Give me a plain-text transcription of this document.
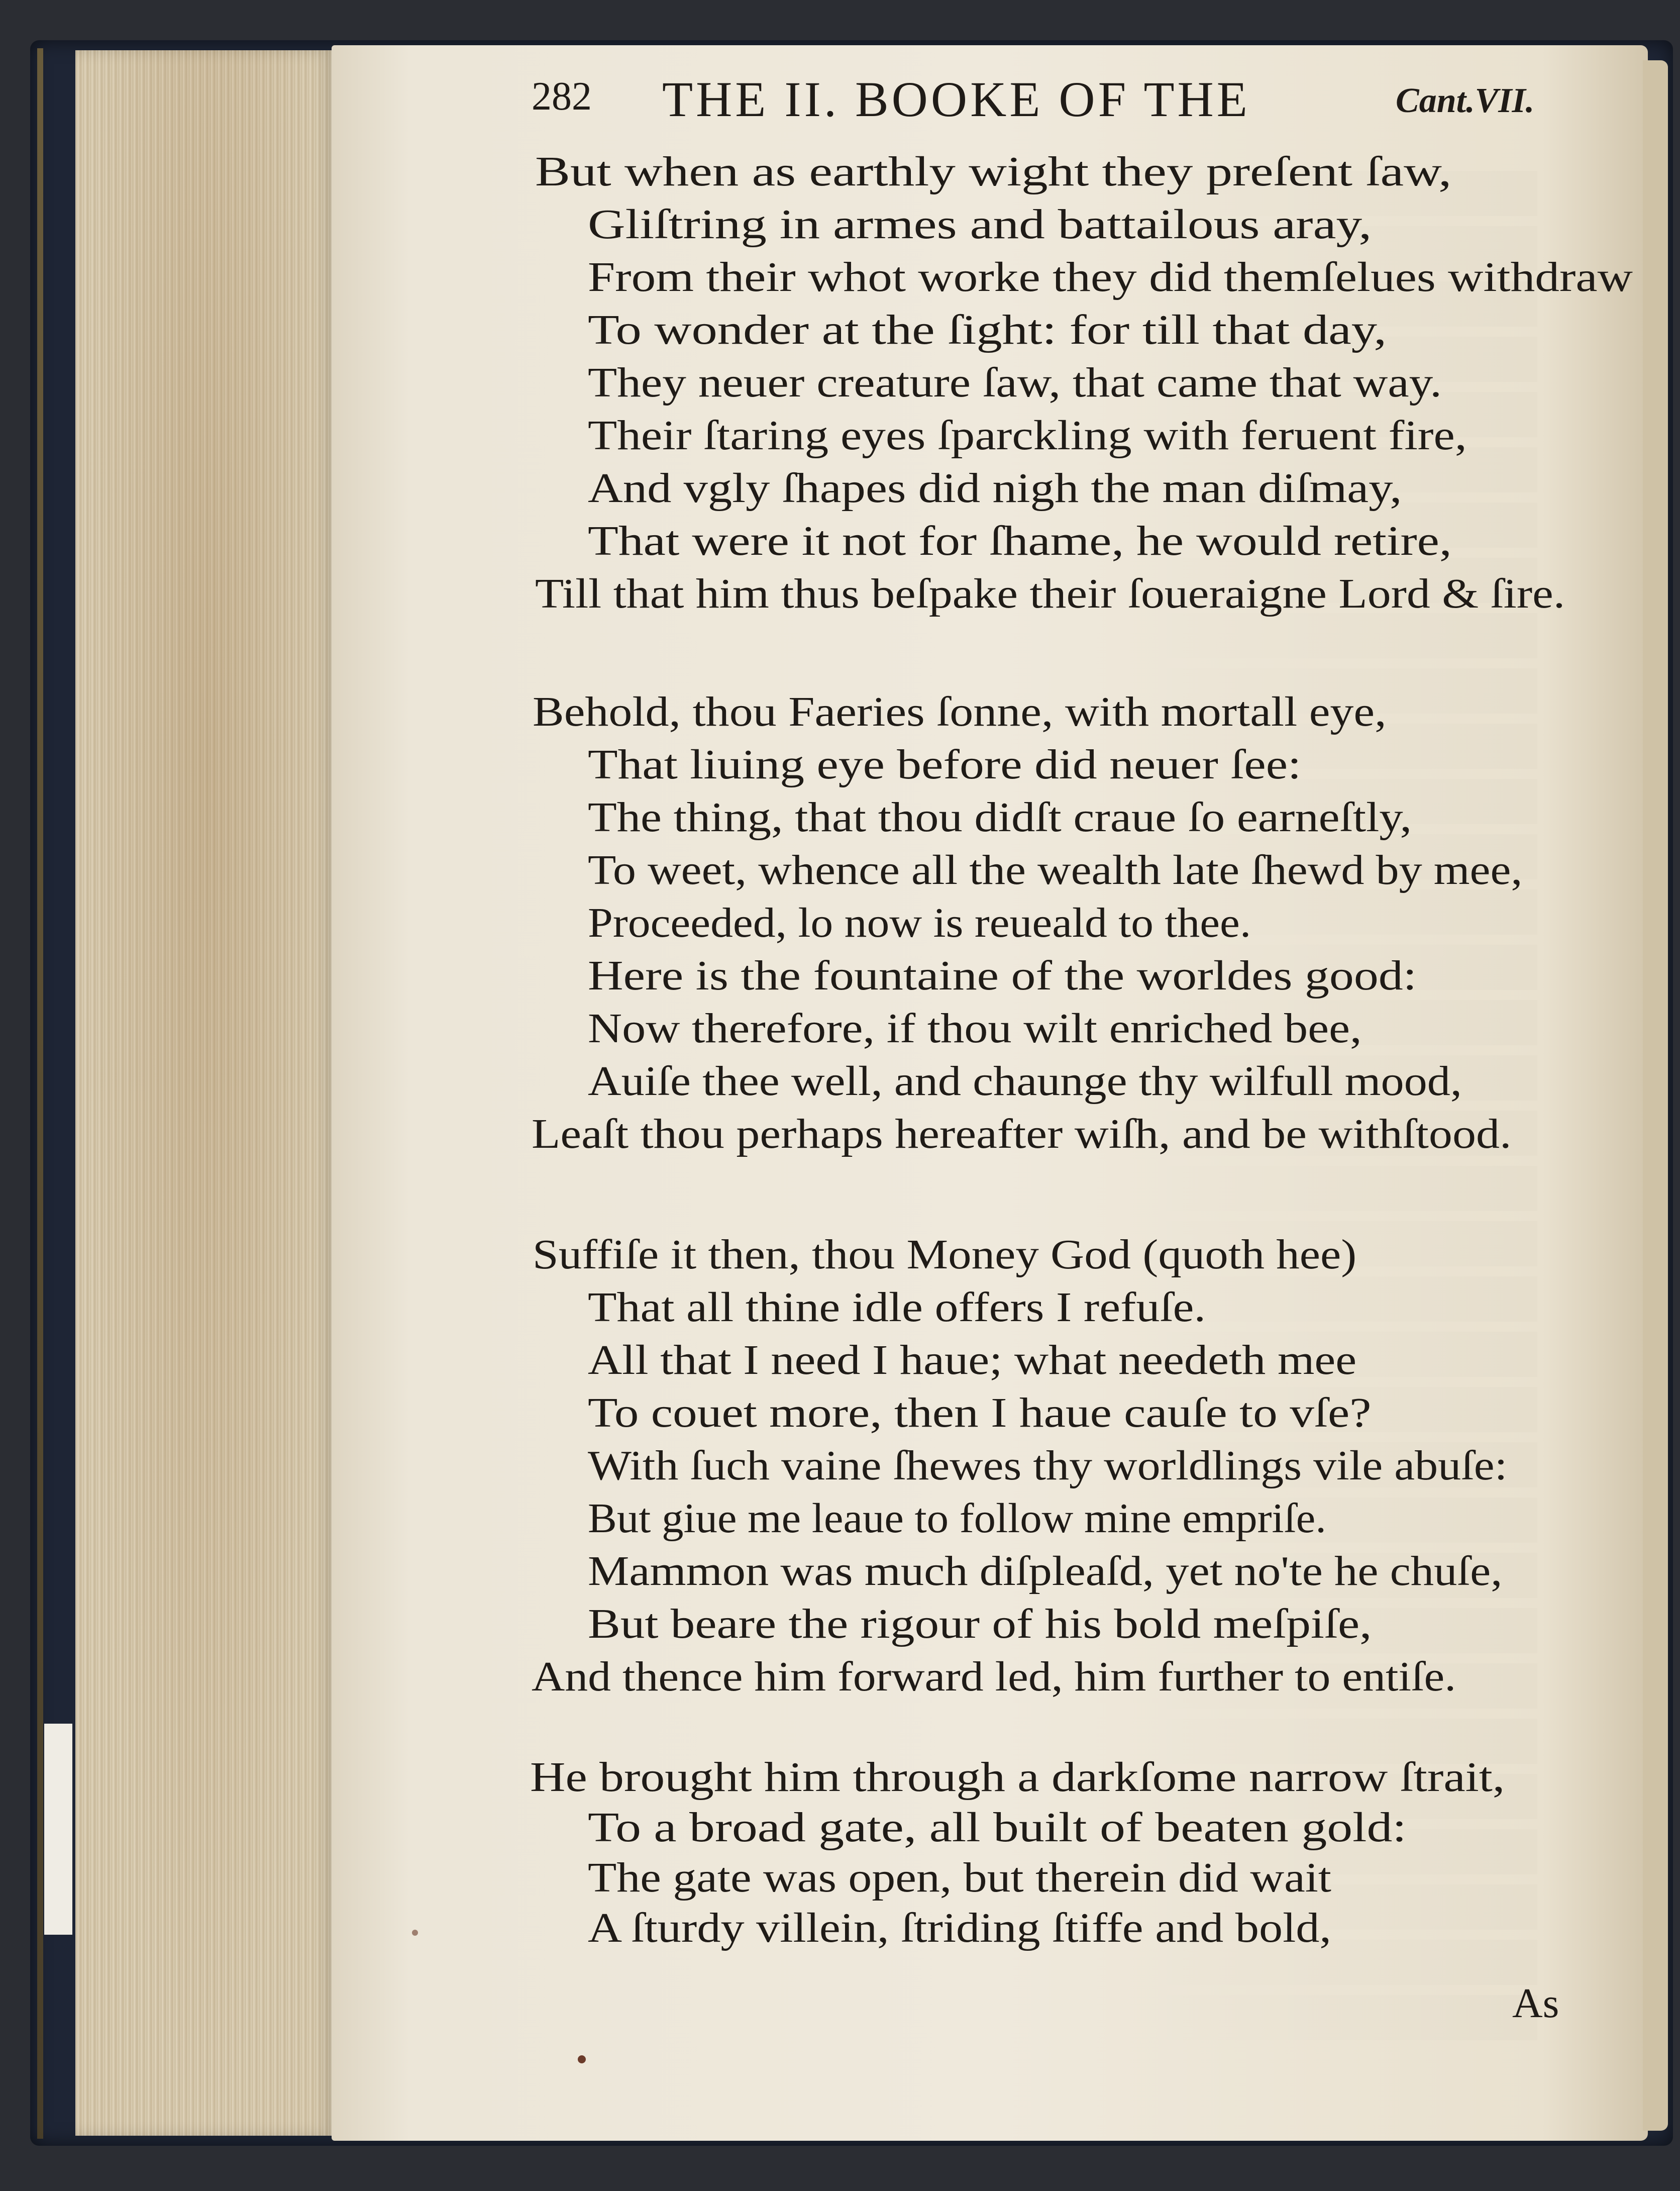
282 THE II. BOOKE OF THE	Cant.VII.
But when as earthly wight they preſent ſaw,
Gliſtring in armes and battailous aray,
From their whot worke they did themſelues withdraw
To wonder at the ſight: for till that day,
They neuer creature ſaw, that came that way.
Their ſtaring eyes ſparckling with feruent fire,
And vgly ſhapes did nigh the man diſmay,
That were it not for ſhame, he would retire,
Till that him thus beſpake their ſoueraigne Lord & ſire.
Behold, thou Faeries ſonne, with mortall eye,
That liuing eye before did neuer ſee:
The thing, that thou didſt craue ſo earneſtly,
To weet, whence all the wealth late ſhewd by mee,
Proceeded, lo now is reuеald to thee.
Here is the fountaine of the worldes good:
Now therefore, if thou wilt enriched bee,
Auiſe thee well, and chaunge thy wilfull mood,
Leaſt thou perhaps hereafter wiſh, and be withſtood.
Suffiſe it then, thou Money God (quoth hee)
That all thine idle offers I refuſe.
All that I need I haue; what needeth mee
To couet more, then I haue cauſe to vſe?
With ſuch vaine ſhewes thy worldlings vile abuſe:
But giue me leaue to follow mine empriſe.
Mammon was much diſpleaſd, yet no'te he chuſe,
But beare the rigour of his bold meſpiſe,
And thence him forward led, him further to entiſe.
He brought him through a darkſome narrow ſtrait,
To a broad gate, all built of beaten gold:
The gate was open, but therein did wait
A ſturdy villein, ſtriding ſtiffe and bold,
As
